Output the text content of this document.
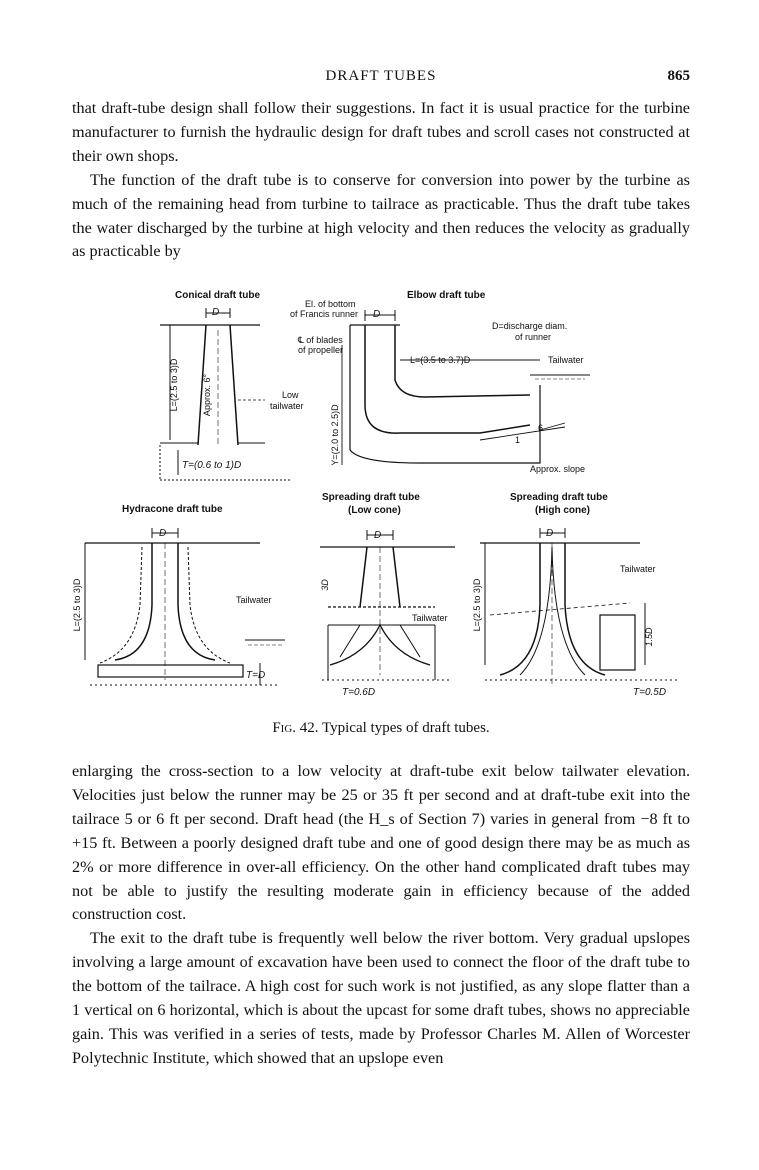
DRAFT TUBES	865

that draft-tube design shall follow their suggestions. In fact it is usual practice for the turbine manufacturer to furnish the hydraulic design for draft tubes and scroll cases not constructed at their own shops.

The function of the draft tube is to conserve for conversion into power by the turbine as much of the remaining head from turbine to tailrace as practicable. Thus the draft tube takes the water discharged by the turbine at high velocity and then reduces the velocity as gradually as practicable by

Conical draft tube
D
L=(2.5 to 3)D	Approx. 6°	Low
tailwater
T=(0.6 to 1)D
Elbow draft tube
El. of bottom
of Francis runner D
℄ of blades
of propeller
D=discharge diam.
of runner
L=(3.5 to 3.7)D	Tailwater
Y=(2.0 to 2.5)D	1
6
Approx. slope
Hydracone draft tube
D
L=(2.5 to 3)D	Tailwater
T=D
Spreading draft tube
(Low cone)
D
3D
Tailwater
T=0.6D
Spreading draft tube
(High cone)
D
L=(2.5 to 3)D
Tailwater
1.5D
T=0.5D
Fig. 42. Typical types of draft tubes.

enlarging the cross-section to a low velocity at draft-tube exit below tailwater elevation. Velocities just below the runner may be 25 or 35 ft per second and at draft-tube exit into the tailrace 5 or 6 ft per second. Draft head (the H_s of Section 7) varies in general from −8 ft to +15 ft. Between a poorly designed draft tube and one of good design there may be as much as 2% or more difference in over-all efficiency. On the other hand complicated draft tubes may not be able to justify the resulting moderate gain in efficiency because of the added construction cost.

The exit to the draft tube is frequently well below the river bottom. Very gradual upslopes involving a large amount of excavation have been used to connect the floor of the draft tube to the bottom of the tailrace. A high cost for such work is not justified, as any slope flatter than a 1 vertical on 6 horizontal, which is about the upcast for some draft tubes, shows no appreciable gain. This was verified in a series of tests, made by Professor Charles M. Allen of Worcester Polytechnic Institute, which showed that an upslope even
